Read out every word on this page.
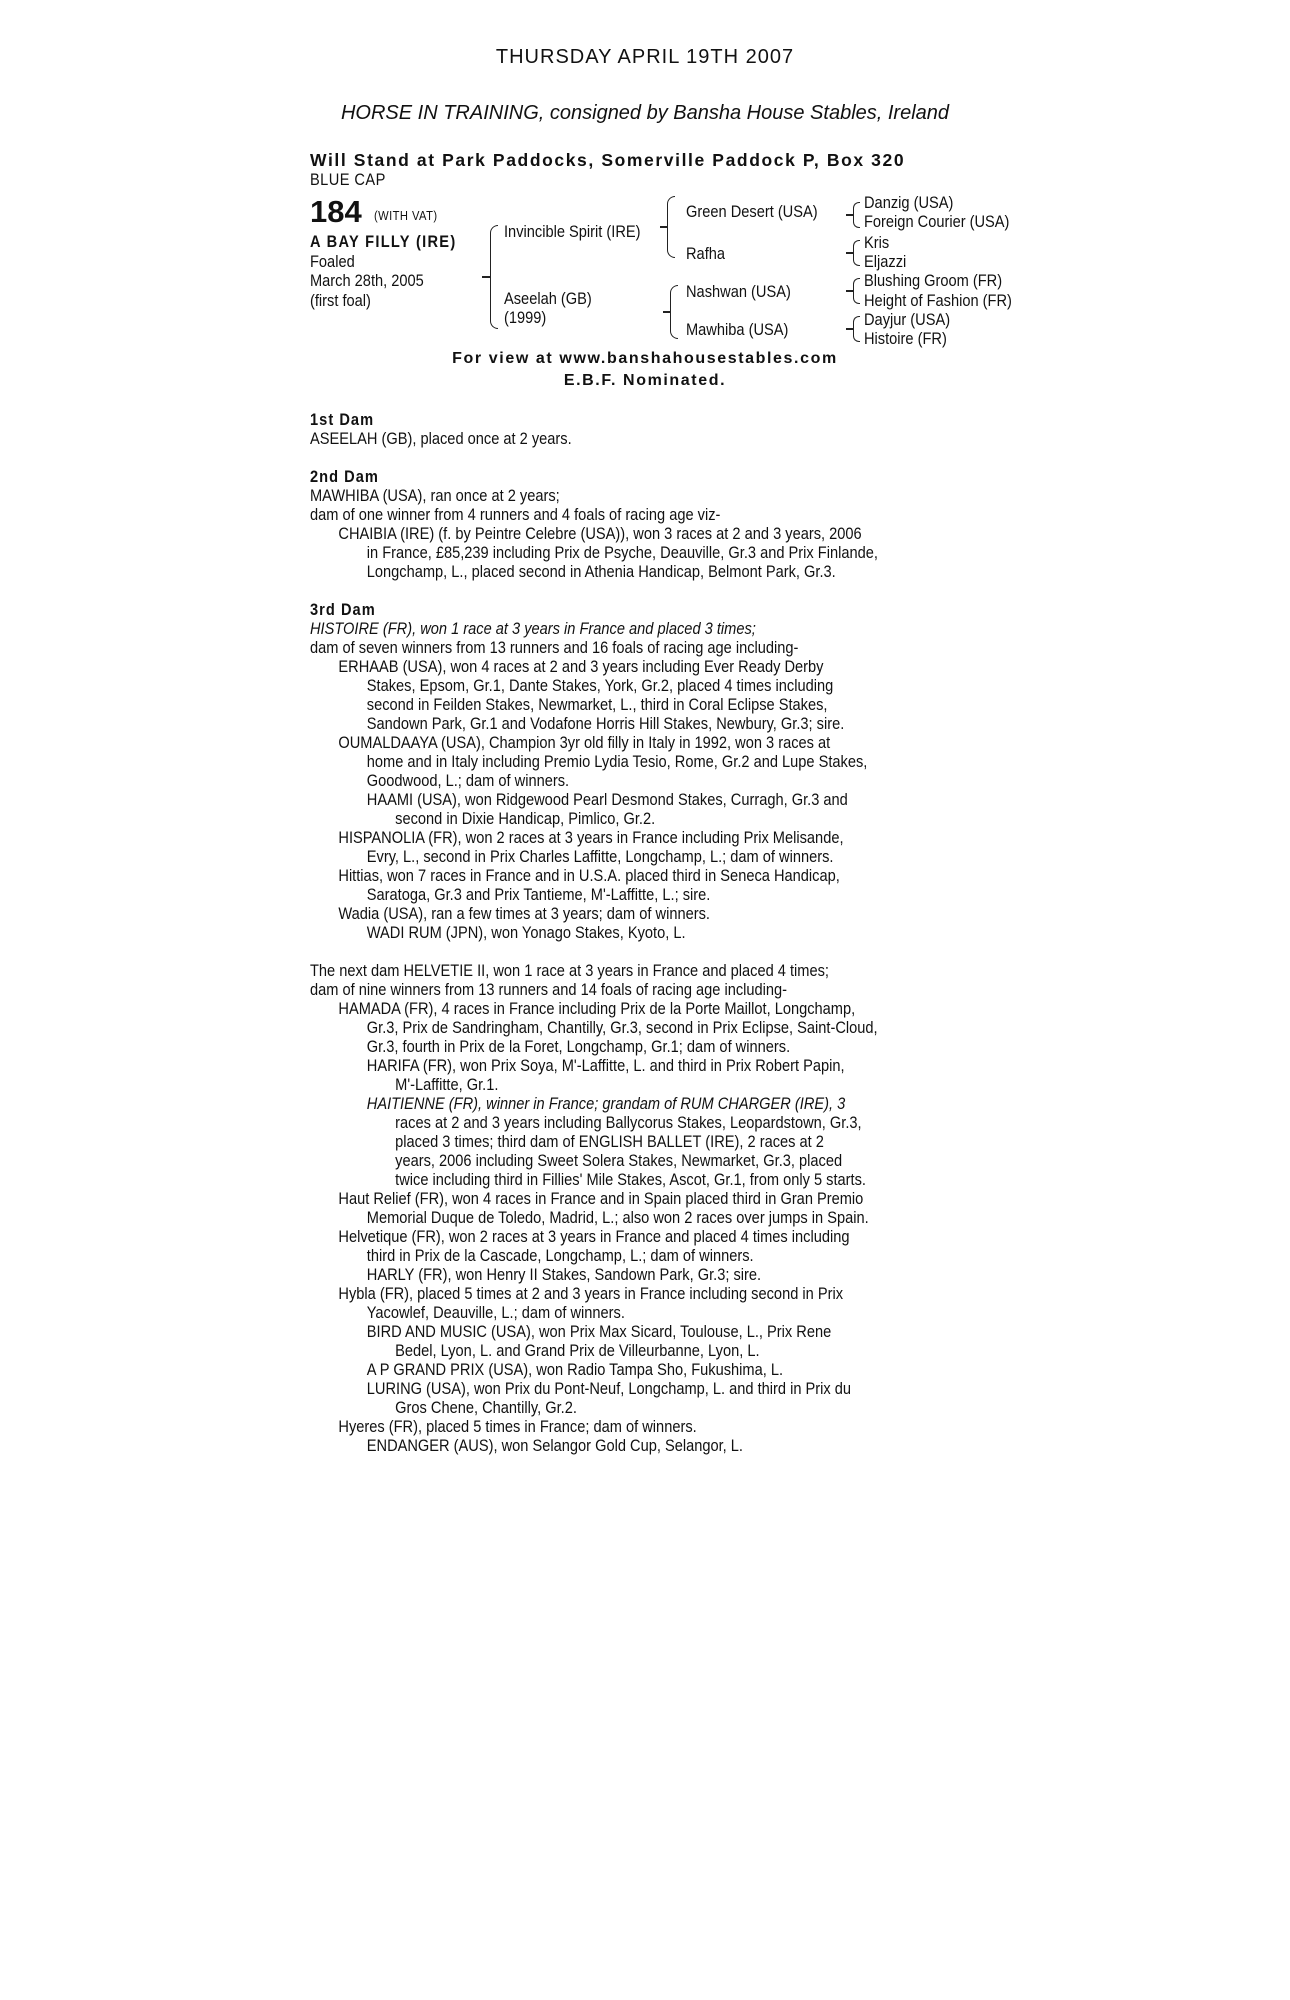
THURSDAY APRIL 19TH 2007
HORSE IN TRAINING, consigned by Bansha House Stables, Ireland
Will Stand at Park Paddocks, Somerville Paddock P, Box 320
BLUE CAP
184 (WITH VAT)
A BAY FILLY (IRE)
Foaled
March 28th, 2005
(first foal)
Invincible Spirit (IRE)
Aseelah (GB)
(1999)
Green Desert (USA)
Rafha
Nashwan (USA)
Mawhiba (USA)
Danzig (USA)
Foreign Courier (USA)
Kris
Eljazzi
Blushing Groom (FR)
Height of Fashion (FR)
Dayjur (USA)
Histoire (FR)
For view at www.banshahousestables.com
E.B.F. Nominated.
1st Dam
ASEELAH (GB), placed once at 2 years.
2nd Dam
MAWHIBA (USA), ran once at 2 years;
dam of one winner from 4 runners and 4 foals of racing age viz-
CHAIBIA (IRE) (f. by Peintre Celebre (USA)), won 3 races at 2 and 3 years, 2006
in France, £85,239 including Prix de Psyche, Deauville, Gr.3 and Prix Finlande,
Longchamp, L., placed second in Athenia Handicap, Belmont Park, Gr.3.
3rd Dam
HISTOIRE (FR), won 1 race at 3 years in France and placed 3 times;
dam of seven winners from 13 runners and 16 foals of racing age including-
ERHAAB (USA), won 4 races at 2 and 3 years including Ever Ready Derby
Stakes, Epsom, Gr.1, Dante Stakes, York, Gr.2, placed 4 times including
second in Feilden Stakes, Newmarket, L., third in Coral Eclipse Stakes,
Sandown Park, Gr.1 and Vodafone Horris Hill Stakes, Newbury, Gr.3; sire.
OUMALDAAYA (USA), Champion 3yr old filly in Italy in 1992, won 3 races at
home and in Italy including Premio Lydia Tesio, Rome, Gr.2 and Lupe Stakes,
Goodwood, L.; dam of winners.
HAAMI (USA), won Ridgewood Pearl Desmond Stakes, Curragh, Gr.3 and
second in Dixie Handicap, Pimlico, Gr.2.
HISPANOLIA (FR), won 2 races at 3 years in France including Prix Melisande,
Evry, L., second in Prix Charles Laffitte, Longchamp, L.; dam of winners.
Hittias, won 7 races in France and in U.S.A. placed third in Seneca Handicap,
Saratoga, Gr.3 and Prix Tantieme, M'-Laffitte, L.; sire.
Wadia (USA), ran a few times at 3 years; dam of winners.
WADI RUM (JPN), won Yonago Stakes, Kyoto, L.
The next dam HELVETIE II, won 1 race at 3 years in France and placed 4 times;
dam of nine winners from 13 runners and 14 foals of racing age including-
HAMADA (FR), 4 races in France including Prix de la Porte Maillot, Longchamp,
Gr.3, Prix de Sandringham, Chantilly, Gr.3, second in Prix Eclipse, Saint-Cloud,
Gr.3, fourth in Prix de la Foret, Longchamp, Gr.1; dam of winners.
HARIFA (FR), won Prix Soya, M'-Laffitte, L. and third in Prix Robert Papin,
M'-Laffitte, Gr.1.
HAITIENNE (FR), winner in France; grandam of RUM CHARGER (IRE), 3
races at 2 and 3 years including Ballycorus Stakes, Leopardstown, Gr.3,
placed 3 times; third dam of ENGLISH BALLET (IRE), 2 races at 2
years, 2006 including Sweet Solera Stakes, Newmarket, Gr.3, placed
twice including third in Fillies' Mile Stakes, Ascot, Gr.1, from only 5 starts.
Haut Relief (FR), won 4 races in France and in Spain placed third in Gran Premio
Memorial Duque de Toledo, Madrid, L.; also won 2 races over jumps in Spain.
Helvetique (FR), won 2 races at 3 years in France and placed 4 times including
third in Prix de la Cascade, Longchamp, L.; dam of winners.
HARLY (FR), won Henry II Stakes, Sandown Park, Gr.3; sire.
Hybla (FR), placed 5 times at 2 and 3 years in France including second in Prix
Yacowlef, Deauville, L.; dam of winners.
BIRD AND MUSIC (USA), won Prix Max Sicard, Toulouse, L., Prix Rene
Bedel, Lyon, L. and Grand Prix de Villeurbanne, Lyon, L.
A P GRAND PRIX (USA), won Radio Tampa Sho, Fukushima, L.
LURING (USA), won Prix du Pont-Neuf, Longchamp, L. and third in Prix du
Gros Chene, Chantilly, Gr.2.
Hyeres (FR), placed 5 times in France; dam of winners.
ENDANGER (AUS), won Selangor Gold Cup, Selangor, L.
